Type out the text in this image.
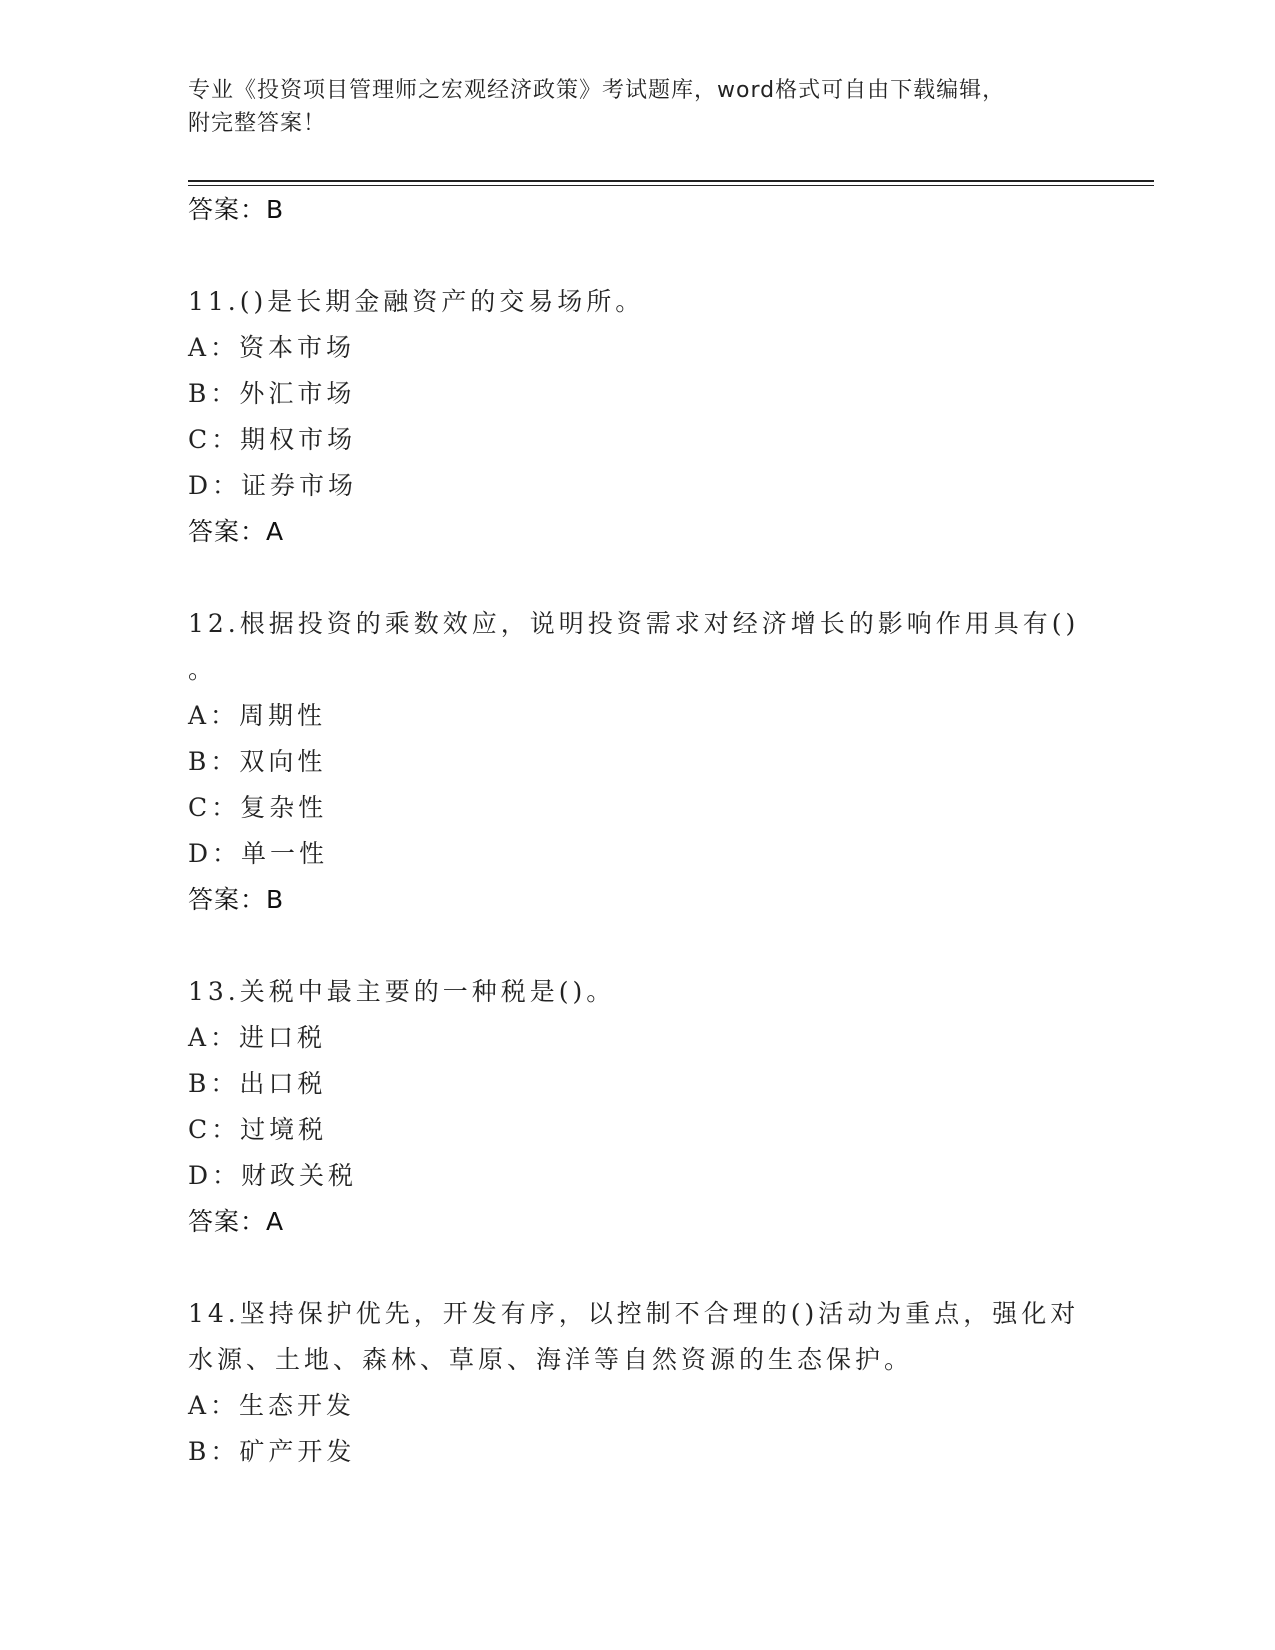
专业《投资项目管理师之宏观经济政策》考试题库，word格式可自由下载编辑，
附完整答案！
答案：B
11.()是长期金融资产的交易场所。
A：资本市场
B：外汇市场
C：期权市场
D：证券市场
答案：A
12.根据投资的乘数效应，说明投资需求对经济增长的影响作用具有()
。
A：周期性
B：双向性
C：复杂性
D：单一性
答案：B
13.关税中最主要的一种税是()。
A：进口税
B：出口税
C：过境税
D：财政关税
答案：A
14.坚持保护优先，开发有序，以控制不合理的()活动为重点，强化对
水源、土地、森林、草原、海洋等自然资源的生态保护。
A：生态开发
B：矿产开发
